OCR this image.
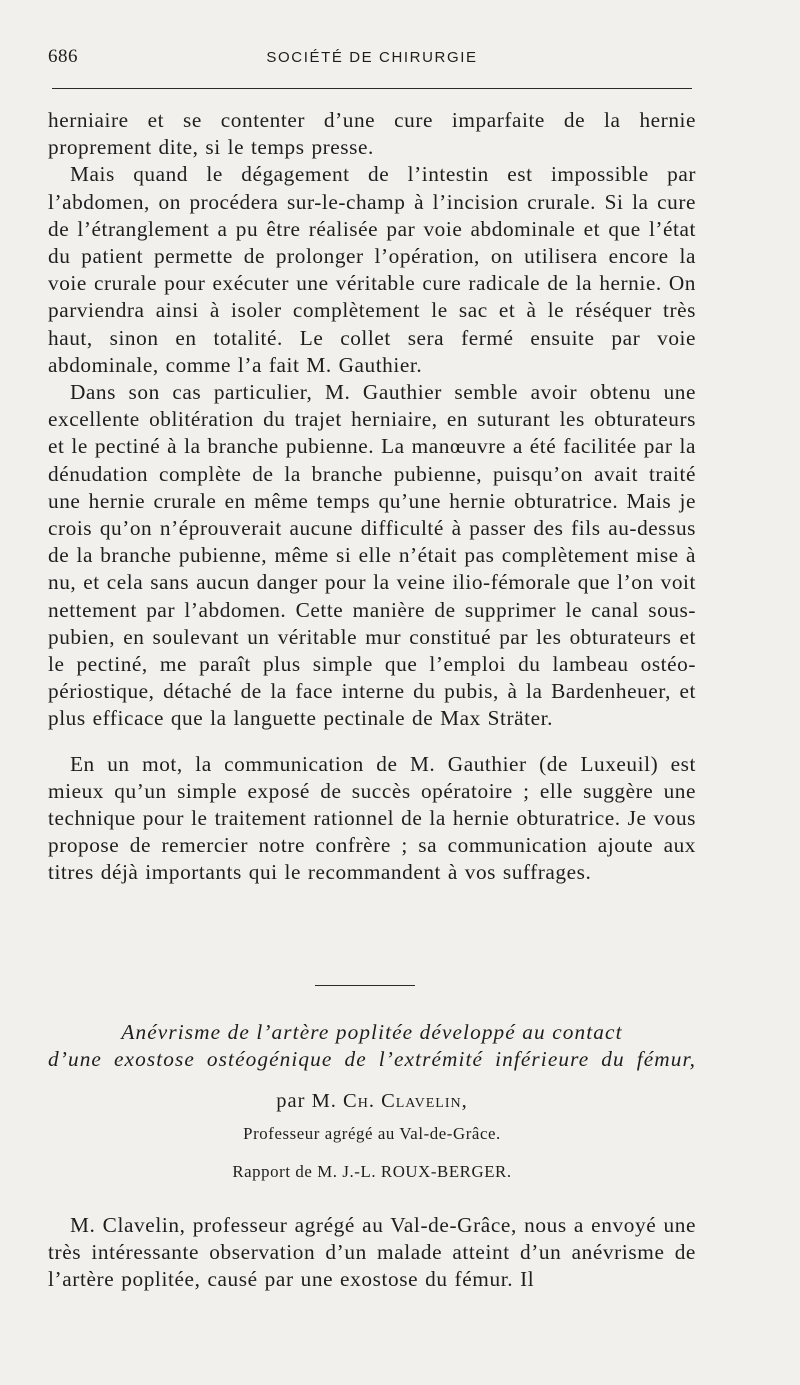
686	SOCIÉTÉ DE CHIRURGIE

herniaire et se contenter d’une cure imparfaite de la hernie proprement dite, si le temps presse.

Mais quand le dégagement de l’intestin est impossible par l’abdomen, on procédera sur-le-champ à l’incision crurale. Si la cure de l’étranglement a pu être réalisée par voie abdominale et que l’état du patient permette de prolonger l’opération, on utilisera encore la voie crurale pour exécuter une véritable cure radicale de la hernie. On parviendra ainsi à isoler complètement le sac et à le réséquer très haut, sinon en totalité. Le collet sera fermé ensuite par voie abdominale, comme l’a fait M. Gauthier.

Dans son cas particulier, M. Gauthier semble avoir obtenu une excellente oblitération du trajet herniaire, en suturant les obturateurs et le pectiné à la branche pubienne. La manœuvre a été facilitée par la dénudation complète de la branche pubienne, puisqu’on avait traité une hernie crurale en même temps qu’une hernie obturatrice. Mais je crois qu’on n’éprouverait aucune difficulté à passer des fils au-dessus de la branche pubienne, même si elle n’était pas complètement mise à nu, et cela sans aucun danger pour la veine ilio-fémorale que l’on voit nettement par l’abdomen. Cette manière de supprimer le canal sous-pubien, en soulevant un véritable mur constitué par les obturateurs et le pectiné, me paraît plus simple que l’emploi du lambeau ostéo-périostique, détaché de la face interne du pubis, à la Bardenheuer, et plus efficace que la languette pectinale de Max Sträter.

En un mot, la communication de M. Gauthier (de Luxeuil) est mieux qu’un simple exposé de succès opératoire ; elle suggère une technique pour le traitement rationnel de la hernie obturatrice. Je vous propose de remercier notre confrère ; sa communication ajoute aux titres déjà importants qui le recommandent à vos suffrages.

Anévrisme de l’artère poplitée développé au contact
d’une exostose ostéogénique de l’extrémité inférieure du fémur,
par M. Ch. Clavelin,
Professeur agrégé au Val-de-Grâce.
Rapport de M. J.-L. ROUX-BERGER.

M. Clavelin, professeur agrégé au Val-de-Grâce, nous a envoyé une très intéressante observation d’un malade atteint d’un anévrisme de l’artère poplitée, causé par une exostose du fémur. Il
